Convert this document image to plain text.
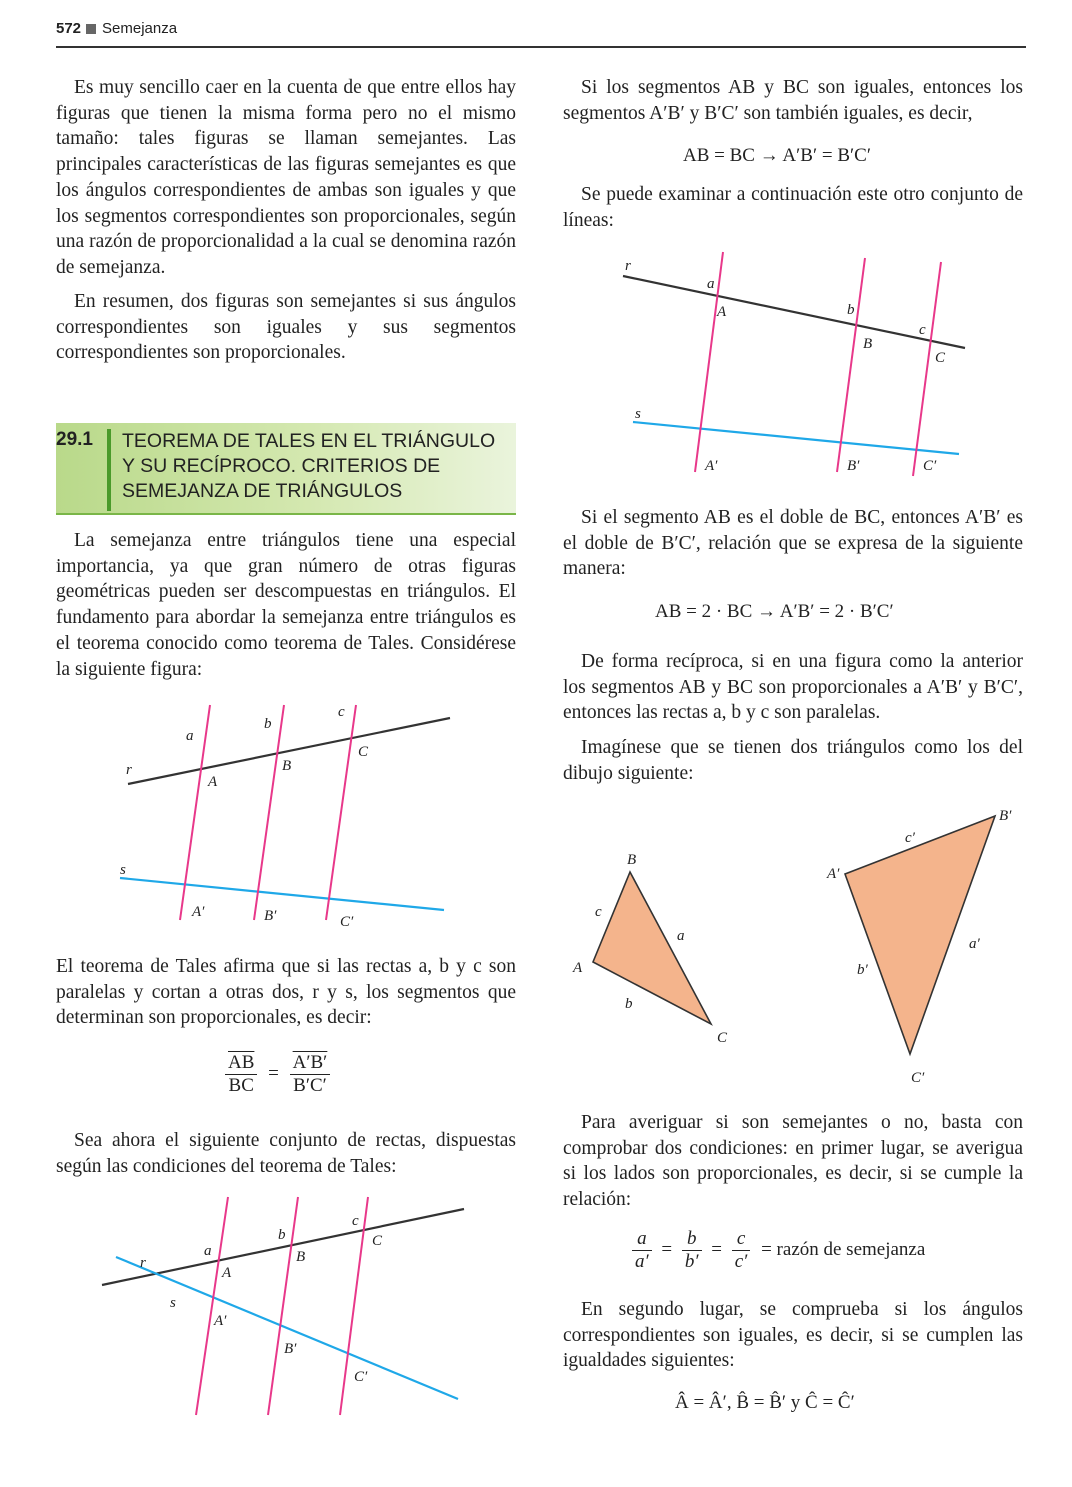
572 Semejanza

Es muy sencillo caer en la cuenta de que entre ellos hay figuras que tienen la misma forma pero no el mismo tamaño: tales figuras se llaman semejantes. Las principales características de las figuras semejantes es que los ángulos correspondientes de ambas son iguales y que los segmentos correspondientes son proporcionales, según una razón de proporcionalidad a la cual se denomina razón de semejanza.

En resumen, dos figuras son semejantes si sus ángulos correspondientes son iguales y sus segmentos correspondientes son proporcionales.

29.1 TEOREMA DE TALES EN EL TRIÁNGULO Y SU RECÍPROCO. CRITERIOS DE SEMEJANZA DE TRIÁNGULOS

La semejanza entre triángulos tiene una especial importancia, ya que gran número de otras figuras geométricas pueden ser descompuestas en triángulos. El fundamento para abordar la semejanza entre triángulos es el teorema conocido como teorema de Tales. Considérese la siguiente figura:

a
b
c
r
s
A
B
C
A′	B′	C′

El teorema de Tales afirma que si las rectas a, b y c son paralelas y cortan a otras dos, r y s, los segmentos que determinan son proporcionales, es decir:

$\frac{\overline{AB}}{BC} = \frac{A'B'}{B'C'}$

Sea ahora el siguiente conjunto de rectas, dispuestas según las condiciones del teorema de Tales:

a
b
c
r
s
A
B
C
A′
B′
C′

Si los segmentos AB y BC son iguales, entonces los segmentos A′B′ y B′C′ son también iguales, es decir,

AB = BC → A′B′ = B′C′

Se puede examinar a continuación este otro conjunto de líneas:

r
s
a
b
c
A
B
C
A′	B′	C′

Si el segmento AB es el doble de BC, entonces A′B′ es el doble de B′C′, relación que se expresa de la siguiente manera:

AB = 2 · BC → A′B′ = 2 · B′C′

De forma recíproca, si en una figura como la anterior los segmentos AB y BC son proporcionales a A′B′ y B′C′, entonces las rectas a, b y c son paralelas.

Imagínese que se tienen dos triángulos como los del dibujo siguiente:

B
A
C
c
a
b
A′
B′
C′
c′
a′
b′

Para averiguar si son semejantes o no, basta con comprobar dos condiciones: en primer lugar, se averigua si los lados son proporcionales, es decir, si se cumple la relación:

$\frac{a}{a'} = \frac{b}{b'} = \frac{c}{c'}$ = razón de semejanza

En segundo lugar, se comprueba si los ángulos correspondientes son iguales, es decir, si se cumplen las igualdades siguientes:

Â = Â′, B̂ = B̂′ y Ĉ = Ĉ′
